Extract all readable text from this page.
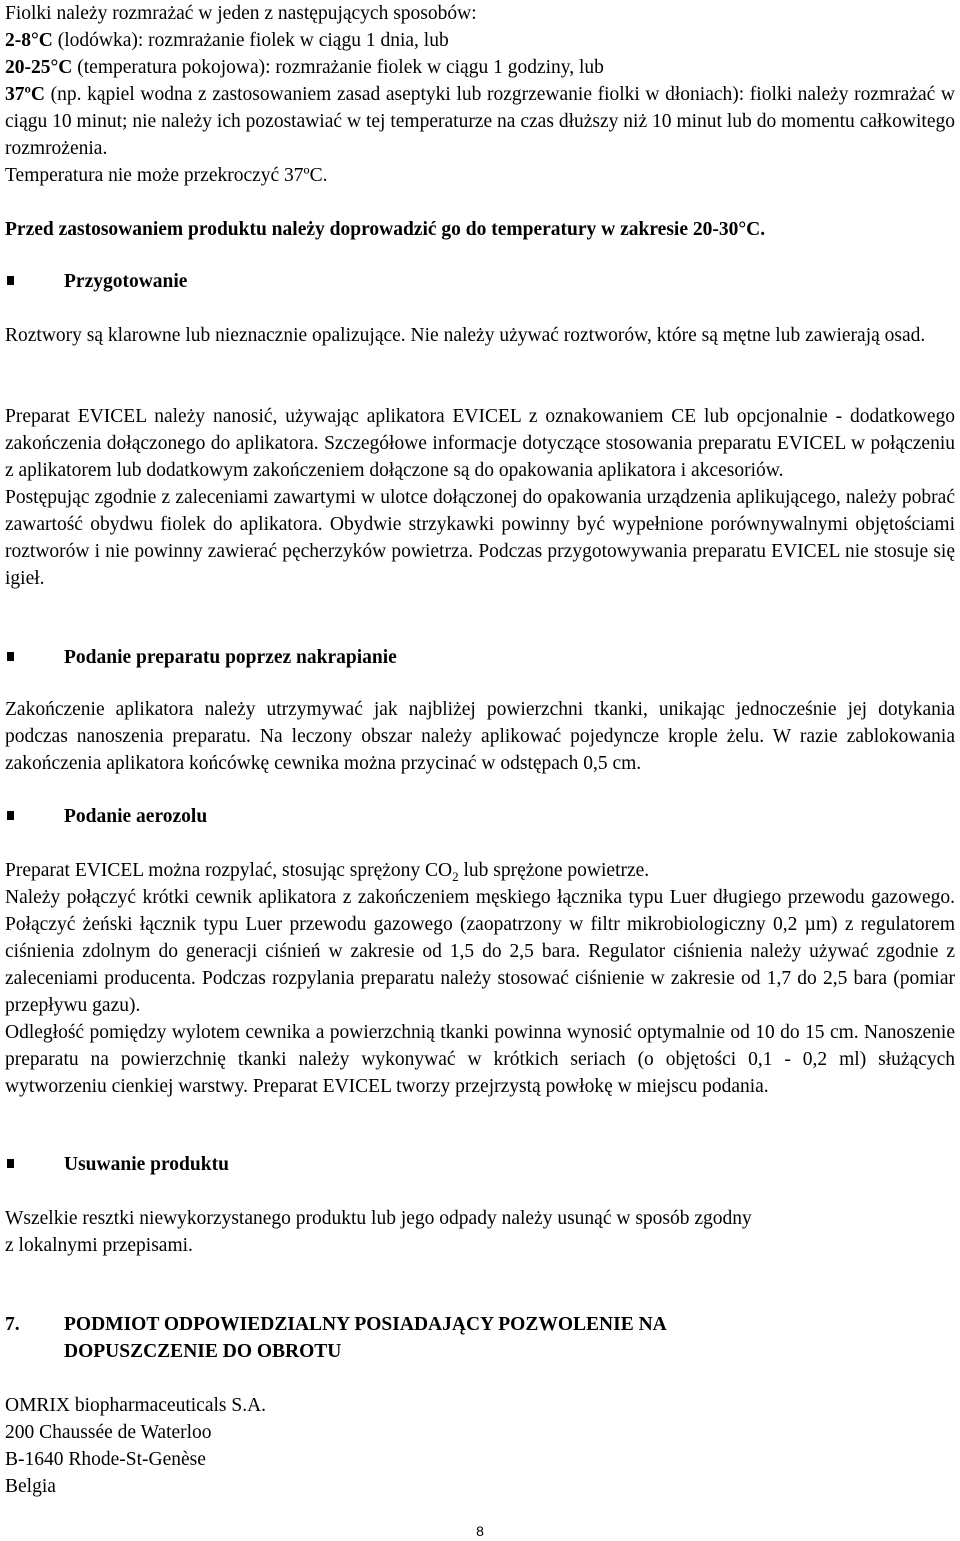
Fiolki należy rozmrażać w jeden z następujących sposobów:

2-8°C (lodówka): rozmrażanie fiolek w ciągu 1 dnia, lub

20-25°C (temperatura pokojowa): rozmrażanie fiolek w ciągu 1 godziny, lub

37ºC (np. kąpiel wodna z zastosowaniem zasad aseptyki lub rozgrzewanie fiolki w dłoniach): fiolki należy rozmrażać w ciągu 10 minut; nie należy ich pozostawiać w tej temperaturze na czas dłuższy niż 10 minut lub do momentu całkowitego rozmrożenia.

Temperatura nie może przekroczyć 37ºC.

Przed zastosowaniem produktu należy doprowadzić go do temperatury w zakresie 20-30°C.

Przygotowanie

Roztwory są klarowne lub nieznacznie opalizujące. Nie należy używać roztworów, które są mętne lub zawierają osad.

Preparat EVICEL należy nanosić, używając aplikatora EVICEL z oznakowaniem CE lub opcjonalnie - dodatkowego zakończenia dołączonego do aplikatora. Szczegółowe informacje dotyczące stosowania preparatu EVICEL w połączeniu z aplikatorem lub dodatkowym zakończeniem dołączone są do opakowania aplikatora i akcesoriów.

Postępując zgodnie z zaleceniami zawartymi w ulotce dołączonej do opakowania urządzenia aplikującego, należy pobrać zawartość obydwu fiolek do aplikatora. Obydwie strzykawki powinny być wypełnione porównywalnymi objętościami roztworów i nie powinny zawierać pęcherzyków powietrza. Podczas przygotowywania preparatu EVICEL nie stosuje się igieł.

Podanie preparatu poprzez nakrapianie

Zakończenie aplikatora należy utrzymywać jak najbliżej powierzchni tkanki, unikając jednocześnie jej dotykania podczas nanoszenia preparatu. Na leczony obszar należy aplikować pojedyncze krople żelu. W razie zablokowania zakończenia aplikatora końcówkę cewnika można przycinać w odstępach 0,5 cm.

Podanie aerozolu

Preparat EVICEL można rozpylać, stosując sprężony $CO_2$ lub sprężone powietrze.

Należy połączyć krótki cewnik aplikatora z zakończeniem męskiego łącznika typu Luer długiego przewodu gazowego. Połączyć żeński łącznik typu Luer przewodu gazowego (zaopatrzony w filtr mikrobiologiczny 0,2 µm) z regulatorem ciśnienia zdolnym do generacji ciśnień w zakresie od 1,5 do 2,5 bara. Regulator ciśnienia należy używać zgodnie z zaleceniami producenta. Podczas rozpylania preparatu należy stosować ciśnienie w zakresie od 1,7 do 2,5 bara (pomiar przepływu gazu).

Odległość pomiędzy wylotem cewnika a powierzchnią tkanki powinna wynosić optymalnie od 10 do 15 cm. Nanoszenie preparatu na powierzchnię tkanki należy wykonywać w krótkich seriach (o objętości 0,1 - 0,2 ml) służących wytworzeniu cienkiej warstwy. Preparat EVICEL tworzy przejrzystą powłokę w miejscu podania.

Usuwanie produktu

Wszelkie resztki niewykorzystanego produktu lub jego odpady należy usunąć w sposób zgodny

z lokalnymi przepisami.

7.	PODMIOT ODPOWIEDZIALNY POSIADAJĄCY POZWOLENIE NA

DOPUSZCZENIE DO OBROTU

OMRIX biopharmaceuticals S.A.

200 Chaussée de Waterloo

B-1640 Rhode-St-Genèse

Belgia

8
